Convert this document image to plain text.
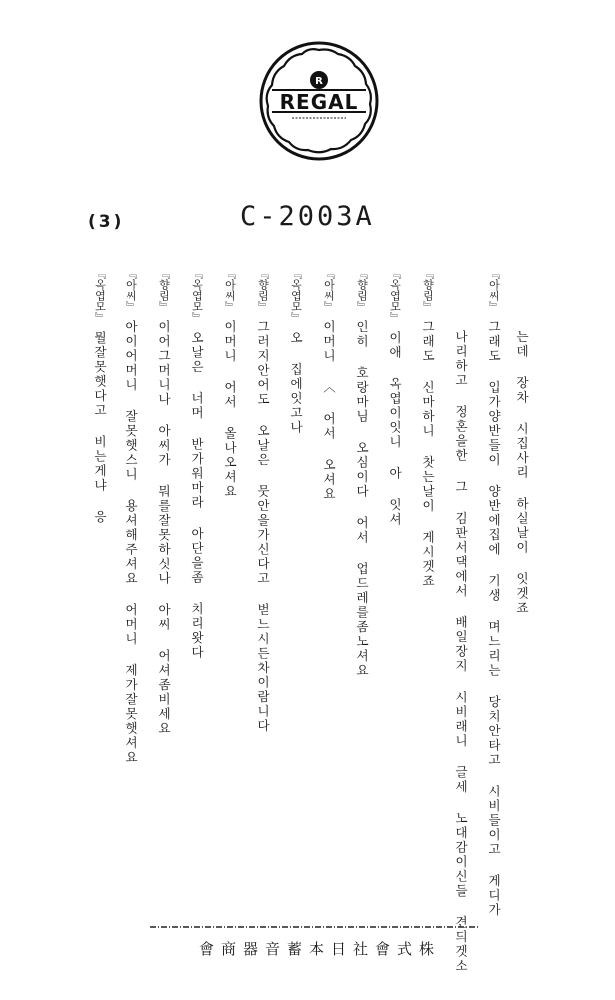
R
REGAL
(3)	C-2003A
는데 장차 시집사리 하실날이 잇겟죠
『아씨』그래도 입가양반들이 양반에집에 기생 며느리는 당치안타고 시비들이고 게디가
나리하고 정혼을한 그 김판서댁에서 배일장지 시비래니 글세 노대감이신들 견듸겟소
『향림』그래도 신마하니 찻는날이 게시겟죠
『옥엽모』이애 옥엽이잇니 아 잇셔
『향림』인히 호랑마님 오심이다 어서 업드레를좀노셔요
『아씨』이머니 〈 어서 오셔요
『옥엽모』오 집에잇고나
『향림』그러지안어도 오날은 뭇안을가신다고 벋느시든차이람니다
『아씨』이머니 어서 올나오셔요
『옥엽모』오날은 너머 반가워마라 아단을좀 치리왓다
『향림』이어그머니나 아씨가 뭐를잘못하싯나 아씨 어셔좀비세요
『아씨』아이어머니 잘못햇스니 용셔해주셔요 어머니 제가잘못햇셔요
『옥엽모』뭘잘못햇다고 비는게냐 응
株式會社日本蓄音器商會
